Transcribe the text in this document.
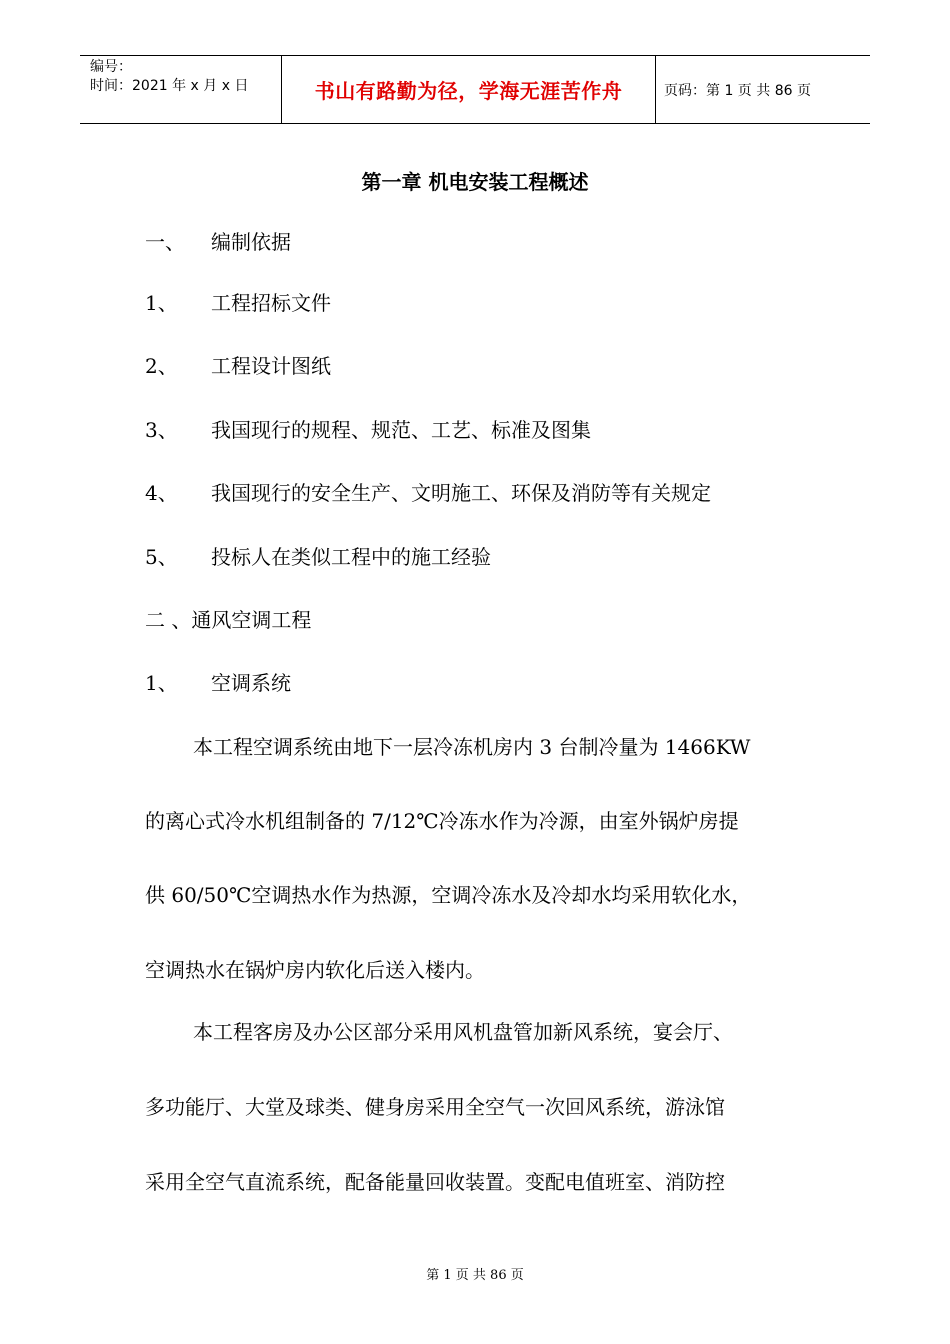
编号：
时间：2021 年 x 月 x 日	书山有路勤为径，学海无涯苦作舟	页码：第 1 页 共 86 页
第一章 机电安装工程概述
一、 编制依据
1、 工程招标文件
2、 工程设计图纸
3、 我国现行的规程、规范、工艺、标准及图集
4、 我国现行的安全生产、文明施工、环保及消防等有关规定
5、 投标人在类似工程中的施工经验
二 、通风空调工程
1、 空调系统
本工程空调系统由地下一层冷冻机房内 3 台制冷量为 1466KW
的离心式冷水机组制备的 7/12℃冷冻水作为冷源，由室外锅炉房提
供 60/50℃空调热水作为热源，空调冷冻水及冷却水均采用软化水，
空调热水在锅炉房内软化后送入楼内。
本工程客房及办公区部分采用风机盘管加新风系统，宴会厅、
多功能厅、大堂及球类、健身房采用全空气一次回风系统，游泳馆
采用全空气直流系统，配备能量回收装置。变配电值班室、消防控
第 1 页 共 86 页
